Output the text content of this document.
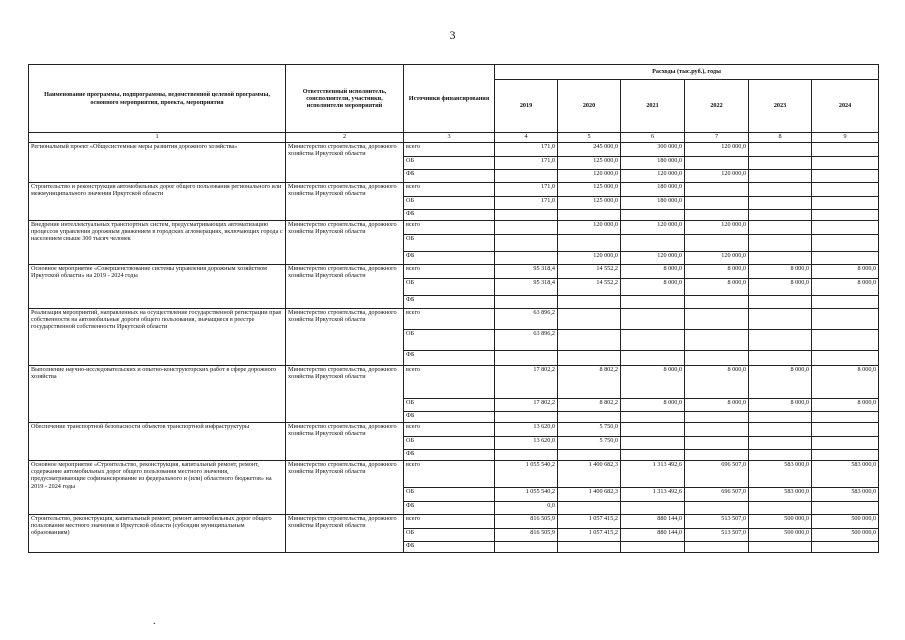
3
Наименование программы, подпрограммы, ведомственной целевой программы, основного мероприятия, проекта, мероприятия	Ответственный исполнитель, соисполнители, участники, исполнители мероприятий	Источники финансирования	Расходы (тыс.руб.), годы					
			2019	2020	2021	2022	2023	2024
1	2	3	4	5	6	7	8	9
Региональный проект «Общесистемные меры развития дорожного хозяйства»	Министерство строительства, дорожного хозяйства Иркутской области	всего	171,0	245 000,0	300 000,0	120 000,0		
		ОБ	171,0	125 000,0	180 000,0			
		ФБ		120 000,0	120 000,0	120 000,0		
Строительство и реконструкция автомобильных дорог общего пользования регионального или межмуниципального значения Иркутской области	Министерство строительства, дорожного хозяйства Иркутской области	всего	171,0	125 000,0	180 000,0			
		ОБ	171,0	125 000,0	180 000,0			
		ФБ						
Внедрение интеллектуальных транспортных систем, предусматривающих автоматизацию процессов управления дорожным движением в городских агломерациях, включающих города с населением свыше 300 тысяч человек	Министерство строительства, дорожного хозяйства Иркутской области	всего		120 000,0	120 000,0	120 000,0		
		ОБ						
		ФБ		120 000,0	120 000,0	120 000,0		
Основное мероприятие «Совершенствование системы управления дорожным хозяйством Иркутской области» на 2019 - 2024 годы	Министерство строительства, дорожного хозяйства Иркутской области	всего	95 318,4	14 552,2	8 000,0	8 000,0	8 000,0	8 000,0
		ОБ	95 318,4	14 552,2	8 000,0	8 000,0	8 000,0	8 000,0
		ФБ						
Реализация мероприятий, направленных на осуществление государственной регистрации прав собственности на автомобильные дороги общего пользования, значащиеся в реестре государственной собственности Иркутской области	Министерство строительства, дорожного хозяйства Иркутской области	всего	63 896,2					
		ОБ	63 896,2					
		ФБ						
Выполнение научно-исследовательских и опытно-конструкторских работ в сфере дорожного хозяйства	Министерство строительства, дорожного хозяйства Иркутской области	всего	17 802,2	8 802,2	8 000,0	8 000,0	8 000,0	8 000,0
		ОБ	17 802,2	8 802,2	8 000,0	8 000,0	8 000,0	8 000,0
		ФБ						
Обеспечение транспортной безопасности объектов транспортной инфраструктуры	Министерство строительства, дорожного хозяйства Иркутской области	всего	13 620,0	5 750,0				
		ОБ	13 620,0	5 750,0				
		ФБ						
Основное мероприятие «Строительство, реконструкция, капитальный ремонт, ремонт, содержание автомобильных дорог общего пользования местного значения, предусматривающие софинансирование из федерального и (или) областного бюджетов» на 2019 - 2024 годы	Министерство строительства, дорожного хозяйства Иркутской области	всего	1 055 540,2	1 400 682,3	1 313 492,6	696 507,0	583 000,0	583 000,0
		ОБ	1 055 540,2	1 400 682,3	1 313 492,6	696 507,0	583 000,0	583 000,0
		ФБ	0,0					
Строительство, реконструкция, капитальный ремонт, ремонт автомобильных дорог общего пользования местного значения в Иркутской области (субсидии муниципальным образованиям)	Министерство строительства, дорожного хозяйства Иркутской области	всего	816 505,9	1 057 415,2	880 144,0	513 507,0	500 000,0	500 000,0
		ОБ	816 505,9	1 057 415,2	880 144,0	513 507,0	500 000,0	500 000,0
		ФБ						
.
